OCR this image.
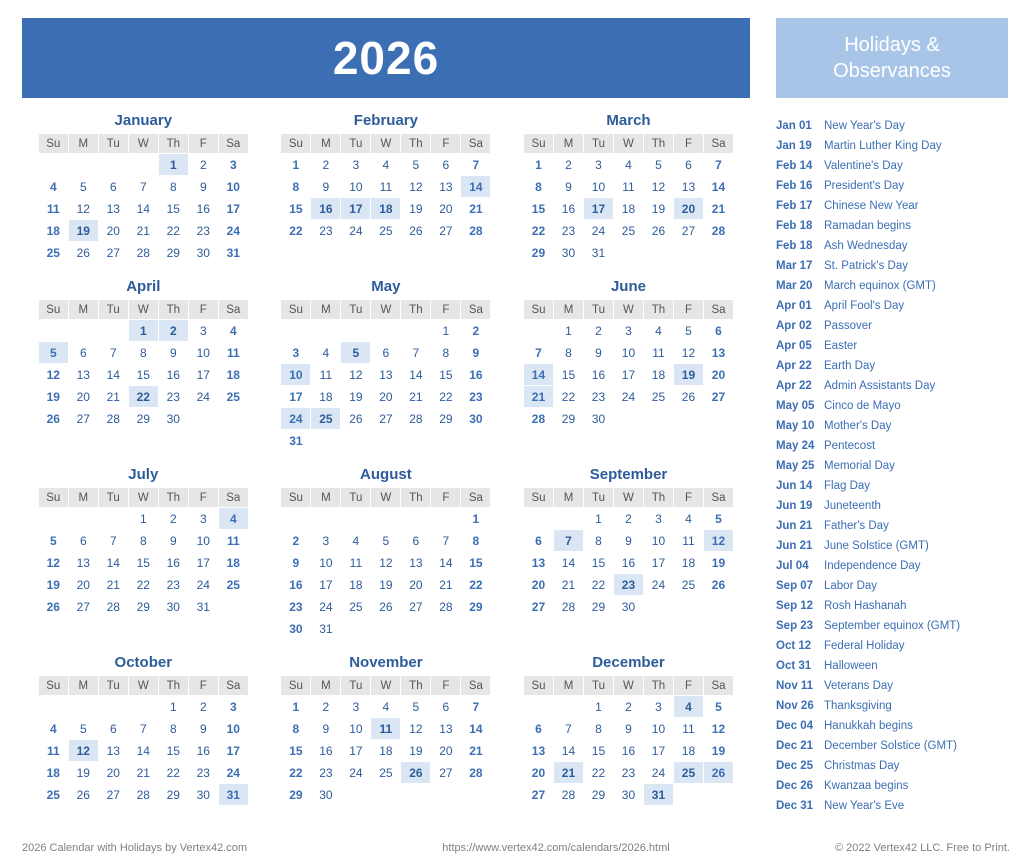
2026	Holidays &
Observances
January
Su	M	Tu	W	Th	F	Sa
				1	2	3
4	5	6	7	8	9	10
11	12	13	14	15	16	17
18	19	20	21	22	23	24
25	26	27	28	29	30	31
February
Su	M	Tu	W	Th	F	Sa
1	2	3	4	5	6	7
8	9	10	11	12	13	14
15	16	17	18	19	20	21
22	23	24	25	26	27	28
March
Su	M	Tu	W	Th	F	Sa
1	2	3	4	5	6	7
8	9	10	11	12	13	14
15	16	17	18	19	20	21
22	23	24	25	26	27	28
29	30	31				
April
Su	M	Tu	W	Th	F	Sa
			1	2	3	4
5	6	7	8	9	10	11
12	13	14	15	16	17	18
19	20	21	22	23	24	25
26	27	28	29	30		
May
Su	M	Tu	W	Th	F	Sa
					1	2
3	4	5	6	7	8	9
10	11	12	13	14	15	16
17	18	19	20	21	22	23
24	25	26	27	28	29	30
31						
June
Su	M	Tu	W	Th	F	Sa
	1	2	3	4	5	6
7	8	9	10	11	12	13
14	15	16	17	18	19	20
21	22	23	24	25	26	27
28	29	30				
July
Su	M	Tu	W	Th	F	Sa
			1	2	3	4
5	6	7	8	9	10	11
12	13	14	15	16	17	18
19	20	21	22	23	24	25
26	27	28	29	30	31	
August
Su	M	Tu	W	Th	F	Sa
						1
2	3	4	5	6	7	8
9	10	11	12	13	14	15
16	17	18	19	20	21	22
23	24	25	26	27	28	29
30	31					
September
Su	M	Tu	W	Th	F	Sa
		1	2	3	4	5
6	7	8	9	10	11	12
13	14	15	16	17	18	19
20	21	22	23	24	25	26
27	28	29	30			
October
Su	M	Tu	W	Th	F	Sa
				1	2	3
4	5	6	7	8	9	10
11	12	13	14	15	16	17
18	19	20	21	22	23	24
25	26	27	28	29	30	31
November
Su	M	Tu	W	Th	F	Sa
1	2	3	4	5	6	7
8	9	10	11	12	13	14
15	16	17	18	19	20	21
22	23	24	25	26	27	28
29	30					
December
Su	M	Tu	W	Th	F	Sa
		1	2	3	4	5
6	7	8	9	10	11	12
13	14	15	16	17	18	19
20	21	22	23	24	25	26
27	28	29	30	31		
Jan 01	New Year's Day
Jan 19	Martin Luther King Day
Feb 14	Valentine's Day
Feb 16	President's Day
Feb 17	Chinese New Year
Feb 18	Ramadan begins
Feb 18	Ash Wednesday
Mar 17	St. Patrick's Day
Mar 20	March equinox (GMT)
Apr 01	April Fool's Day
Apr 02	Passover
Apr 05	Easter
Apr 22	Earth Day
Apr 22	Admin Assistants Day
May 05 Cinco de Mayo
May 10 Mother's Day
May 24 Pentecost
May 25 Memorial Day
Jun 14	Flag Day
Jun 19	Juneteenth
Jun 21	Father's Day
Jun 21	June Solstice (GMT)
Jul 04	Independence Day
Sep 07 Labor Day
Sep 12 Rosh Hashanah
Sep 23 September equinox (GMT)
Oct 12	Federal Holiday
Oct 31	Halloween
Nov 11 Veterans Day
Nov 26 Thanksgiving
Dec 04 Hanukkah begins
Dec 21 December Solstice (GMT)
Dec 25 Christmas Day
Dec 26 Kwanzaa begins
Dec 31 New Year's Eve
2026 Calendar with Holidays by Vertex42.com	https://www.vertex42.com/calendars/2026.html	© 2022 Vertex42 LLC. Free to Print.
